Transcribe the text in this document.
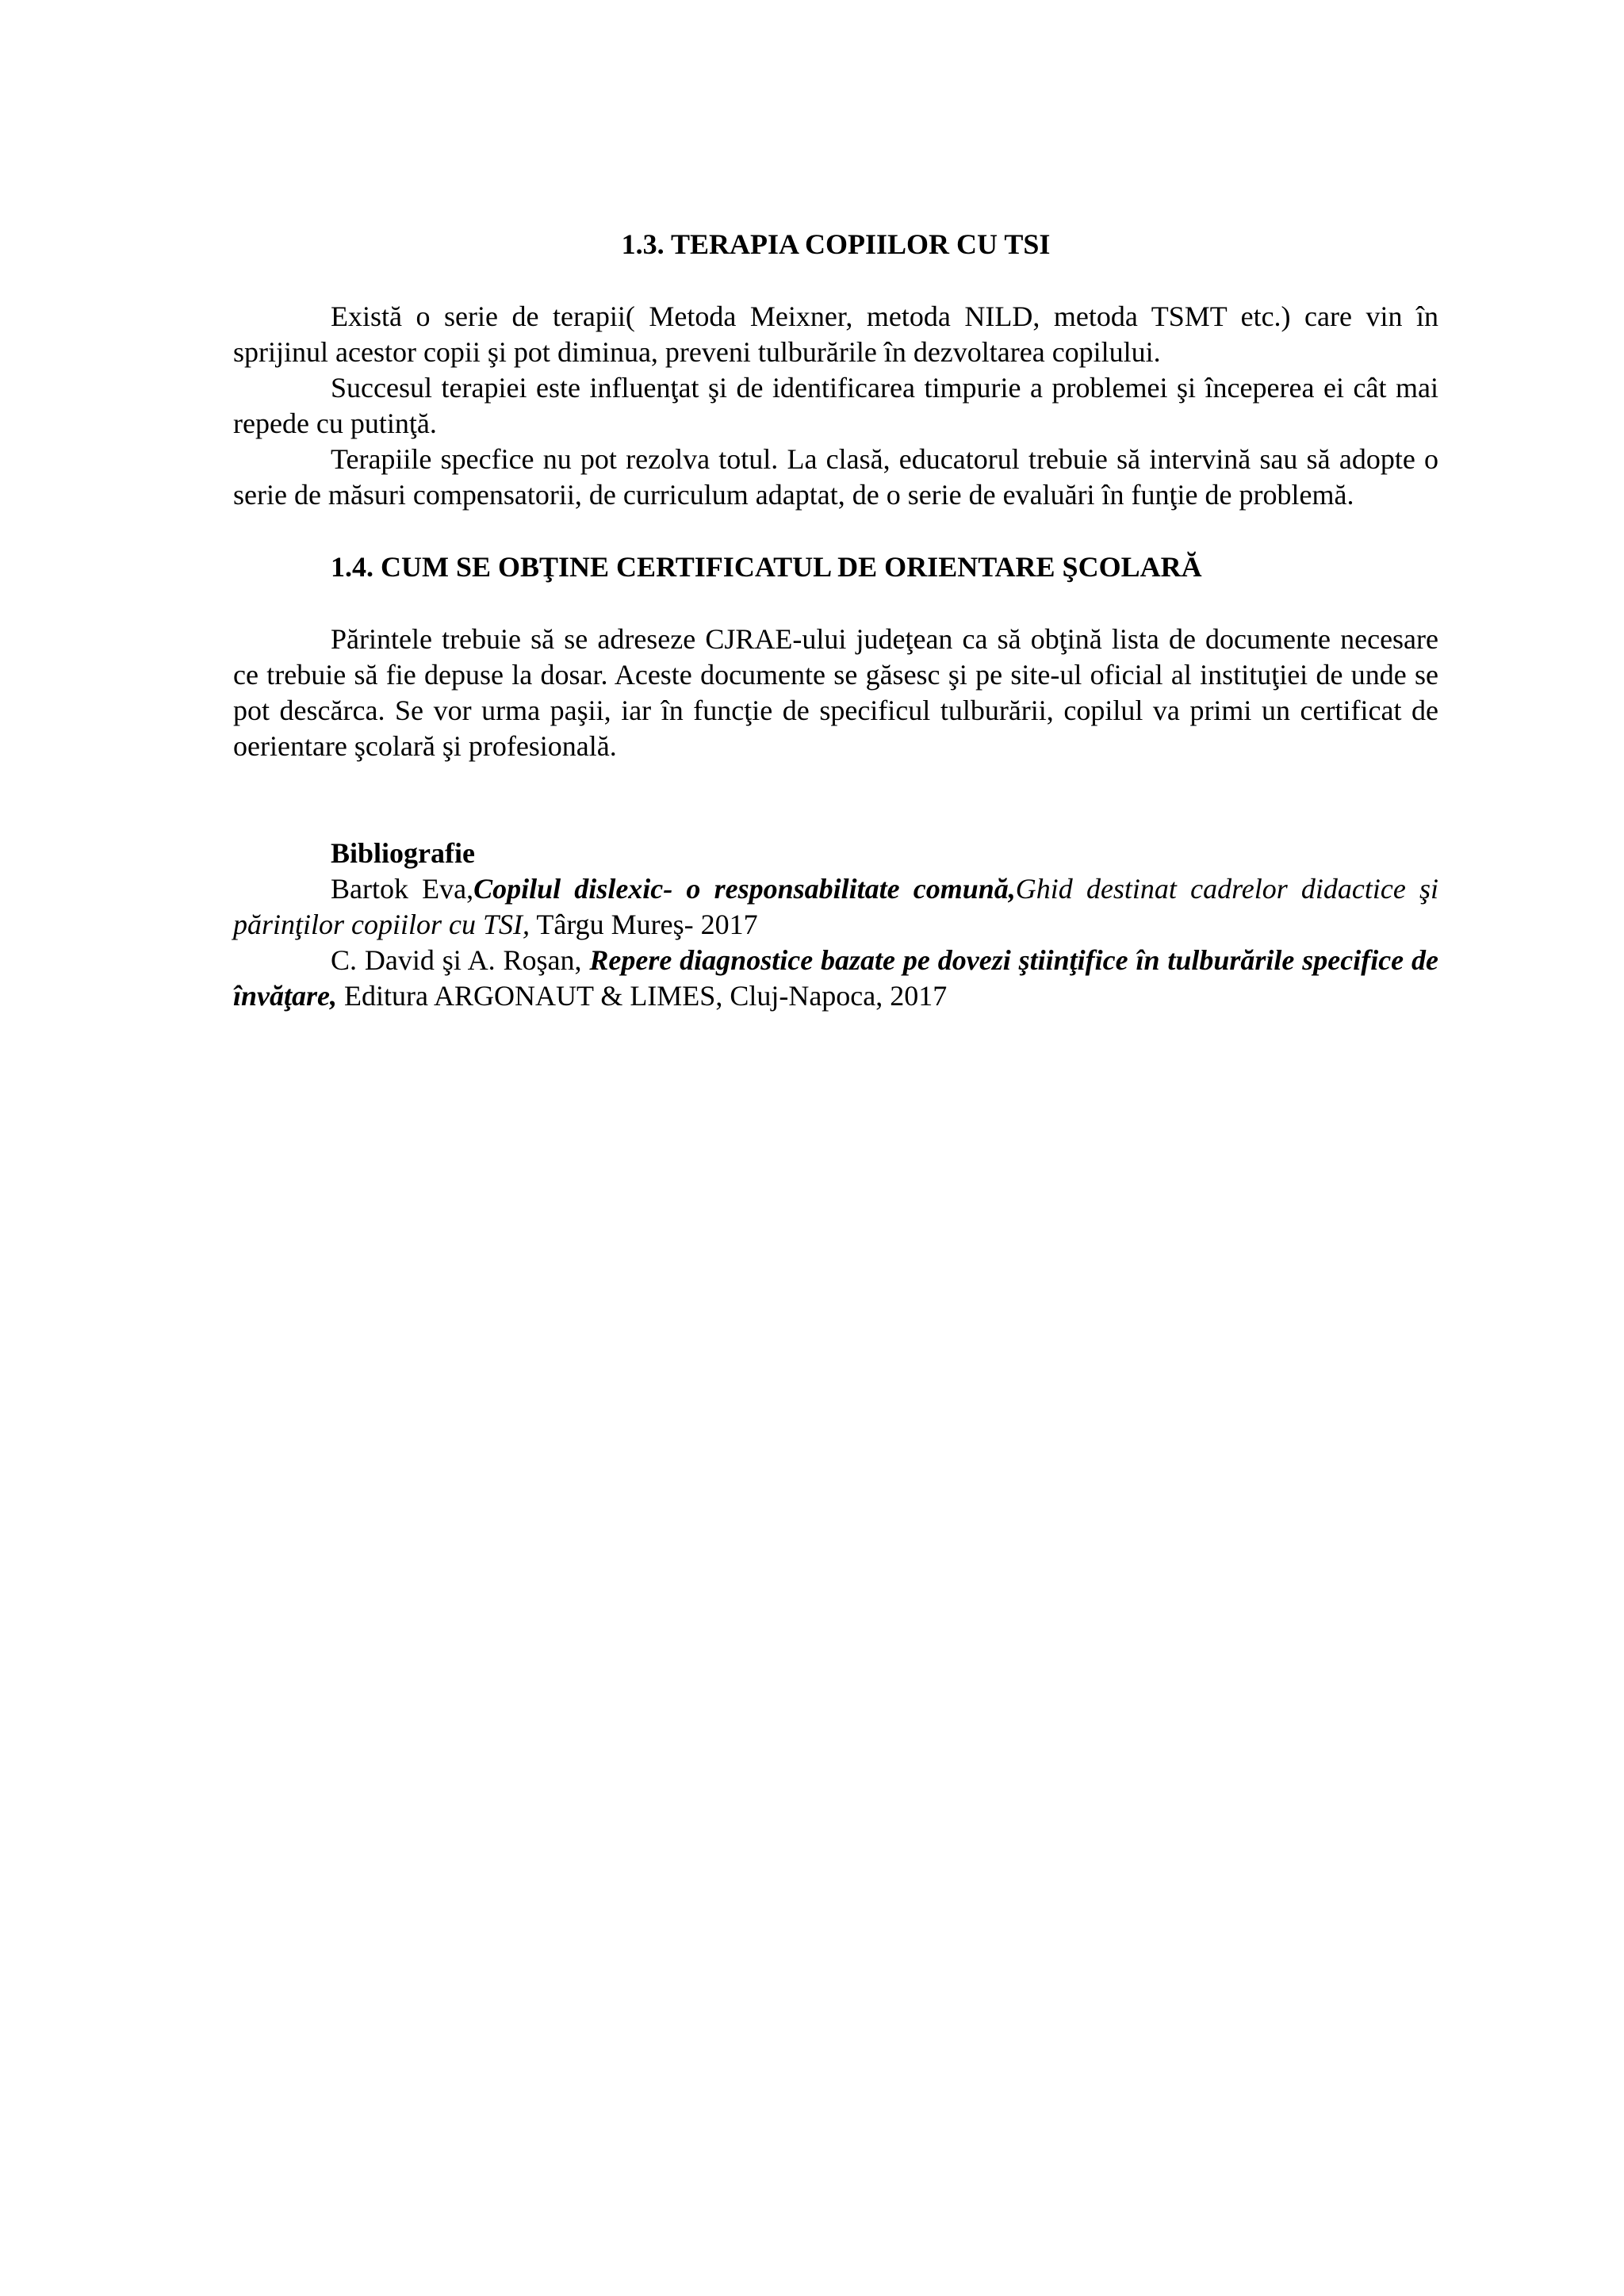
1.3. TERAPIA COPIILOR CU TSI

Există o serie de terapii( Metoda Meixner, metoda NILD, metoda TSMT etc.) care vin în sprijinul acestor copii şi pot diminua, preveni tulburările în dezvoltarea copilului.

Succesul terapiei este influenţat şi de identificarea timpurie a problemei şi începerea ei cât mai repede cu putinţă.

Terapiile specfice nu pot rezolva totul. La clasă, educatorul trebuie să intervină sau să adopte o serie de măsuri compensatorii, de curriculum adaptat, de o serie de evaluări în funţie de problemă.

1.4. CUM SE OBŢINE CERTIFICATUL DE ORIENTARE ŞCOLARĂ

Părintele trebuie să se adreseze CJRAE-ului judeţean ca să obţină lista de documente necesare ce trebuie să fie depuse la dosar. Aceste documente se găsesc şi pe site-ul oficial al instituţiei de unde se pot descărca. Se vor urma paşii, iar în funcţie de specificul tulburării, copilul va primi un certificat de oerientare şcolară şi profesională.

Bibliografie

Bartok Eva,Copilul dislexic- o responsabilitate comună,Ghid destinat cadrelor didactice şi părinţilor copiilor cu TSI, Târgu Mureş- 2017

C. David şi A. Roşan, Repere diagnostice bazate pe dovezi ştiinţifice în tulburările specifice de învăţare, Editura ARGONAUT & LIMES, Cluj-Napoca, 2017
